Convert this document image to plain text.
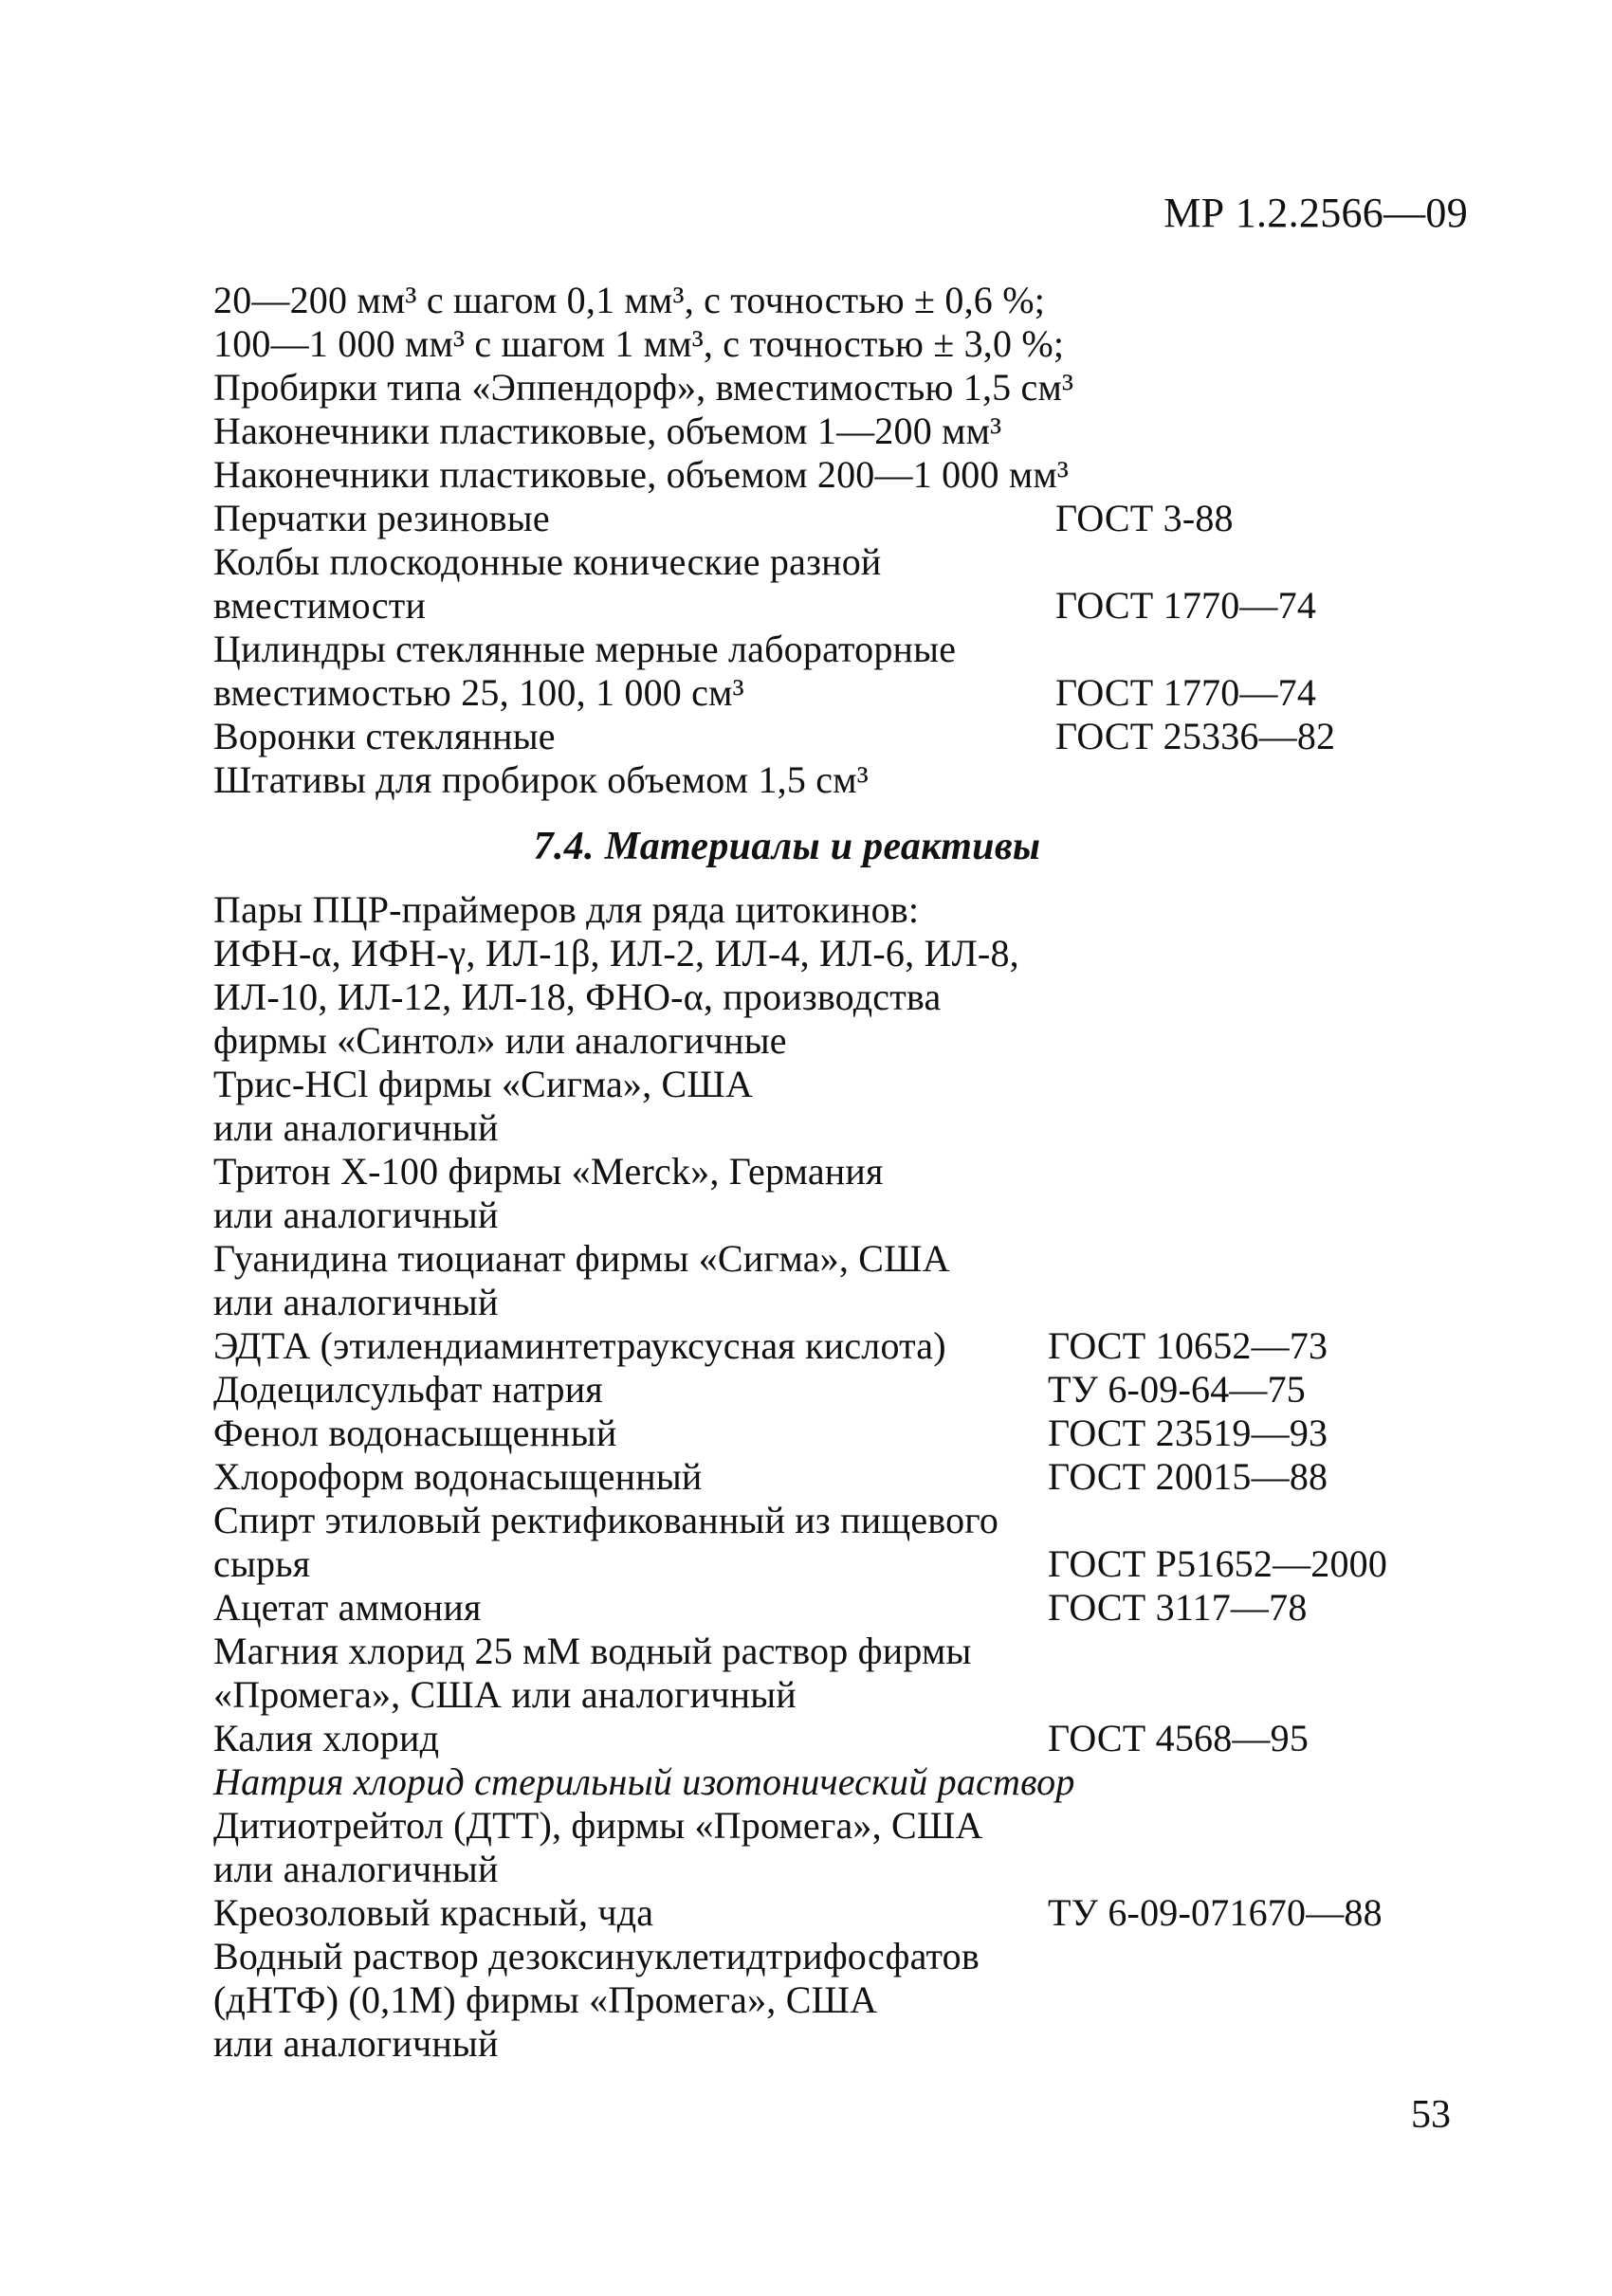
МР 1.2.2566—09
20—200 мм³ с шагом 0,1 мм³, с точностью ± 0,6 %;
100—1 000 мм³ с шагом 1 мм³, с точностью ± 3,0 %;
Пробирки типа «Эппендорф», вместимостью 1,5 см³
Наконечники пластиковые, объемом 1—200 мм³
Наконечники пластиковые, объемом 200—1 000 мм³
Перчатки резиновые	ГОСТ 3-88
Колбы плоскодонные конические разной
вместимости	ГОСТ 1770—74
Цилиндры стеклянные мерные лабораторные
вместимостью 25, 100, 1 000 см³	ГОСТ 1770—74
Воронки стеклянные	ГОСТ 25336—82
Штативы для пробирок объемом 1,5 см³
7.4. Материалы и реактивы
Пары ПЦР-праймеров для ряда цитокинов:
ИФН-α, ИФН-γ, ИЛ-1β, ИЛ-2, ИЛ-4, ИЛ-6, ИЛ-8,
ИЛ-10, ИЛ-12, ИЛ-18, ФНО-α, производства
фирмы «Синтол» или аналогичные
Трис-HCl фирмы «Сигма», США
или аналогичный
Тритон Х-100 фирмы «Merck», Германия
или аналогичный
Гуанидина тиоцианат фирмы «Сигма», США
или аналогичный
ЭДТА (этилендиаминтетрауксусная кислота)	ГОСТ 10652—73
Додецилсульфат натрия	ТУ 6-09-64—75
Фенол водонасыщенный	ГОСТ 23519—93
Хлороформ водонасыщенный	ГОСТ 20015—88
Спирт этиловый ректификованный из пищевого
сырья	ГОСТ Р51652—2000
Ацетат аммония	ГОСТ 3117—78
Магния хлорид 25 мМ водный раствор фирмы
«Промега», США или аналогичный
Калия хлорид	ГОСТ 4568—95
Натрия хлорид стерильный изотонический раствор
Дитиотрейтол (ДТТ), фирмы «Промега», США
или аналогичный
Креозоловый красный, чда	ТУ 6-09-071670—88
Водный раствор дезоксинуклетидтрифосфатов
(дНТФ) (0,1М) фирмы «Промега», США
или аналогичный
53
